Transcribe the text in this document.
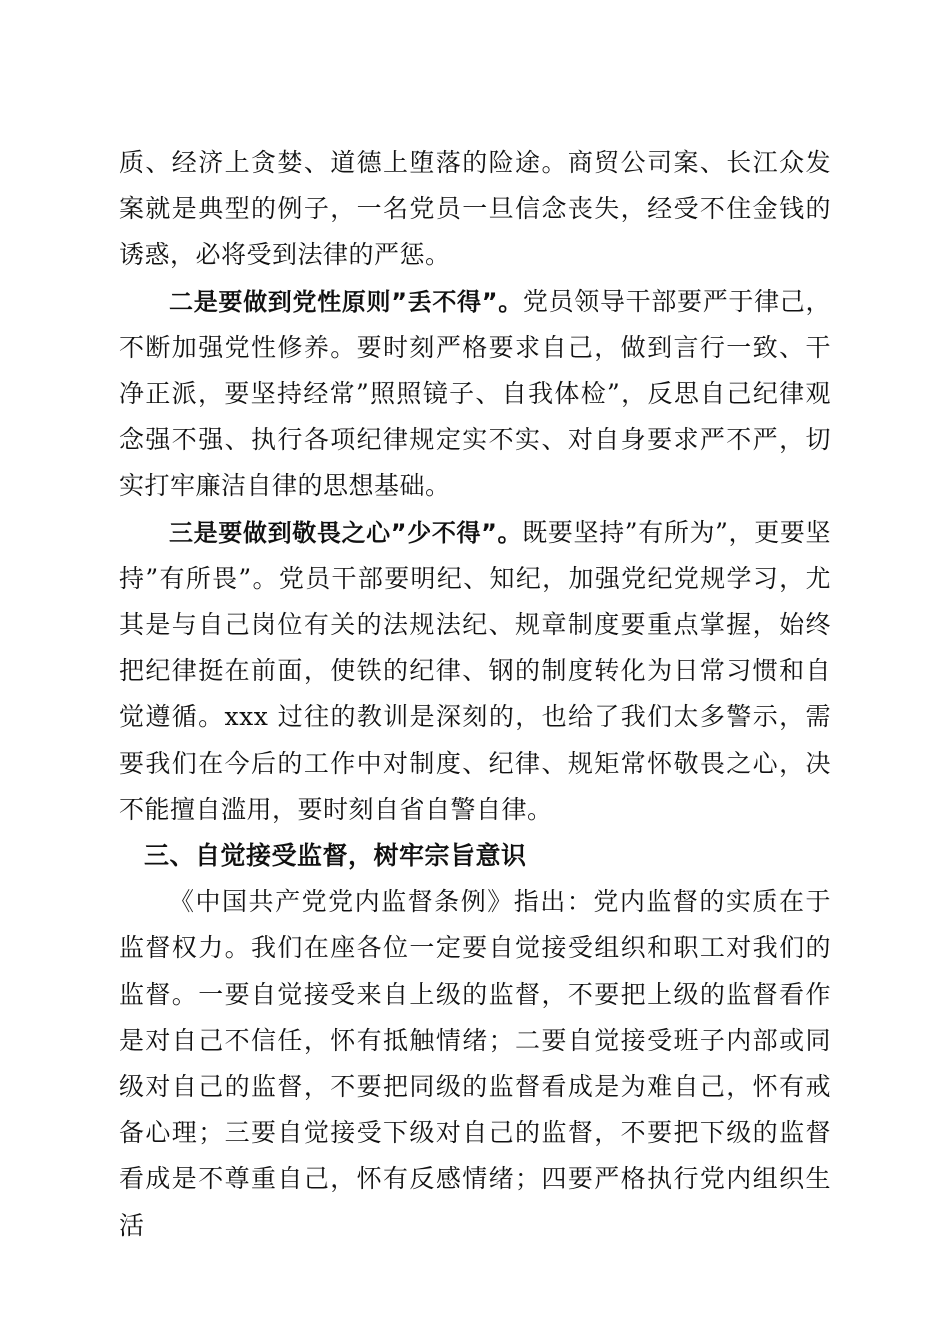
质、经济上贪婪、道德上堕落的险途。商贸公司案、长江众发案就是典型的例子，一名党员一旦信念丧失，经受不住金钱的诱惑，必将受到法律的严惩。

二是要做到党性原则”丢不得”。党员领导干部要严于律己，不断加强党性修养。要时刻严格要求自己，做到言行一致、干净正派，要坚持经常”照照镜子、自我体检”，反思自己纪律观念强不强、执行各项纪律规定实不实、对自身要求严不严，切实打牢廉洁自律的思想基础。

三是要做到敬畏之心”少不得”。既要坚持”有所为”，更要坚持”有所畏”。党员干部要明纪、知纪，加强党纪党规学习，尤其是与自己岗位有关的法规法纪、规章制度要重点掌握，始终把纪律挺在前面，使铁的纪律、钢的制度转化为日常习惯和自觉遵循。xxx 过往的教训是深刻的，也给了我们太多警示，需要我们在今后的工作中对制度、纪律、规矩常怀敬畏之心，决不能擅自滥用，要时刻自省自警自律。

三、自觉接受监督，树牢宗旨意识

《中国共产党党内监督条例》指出：党内监督的实质在于监督权力。我们在座各位一定要自觉接受组织和职工对我们的监督。一要自觉接受来自上级的监督，不要把上级的监督看作是对自己不信任，怀有抵触情绪；二要自觉接受班子内部或同级对自己的监督，不要把同级的监督看成是为难自己，怀有戒备心理；三要自觉接受下级对自己的监督，不要把下级的监督看成是不尊重自己，怀有反感情绪；四要严格执行党内组织生活
